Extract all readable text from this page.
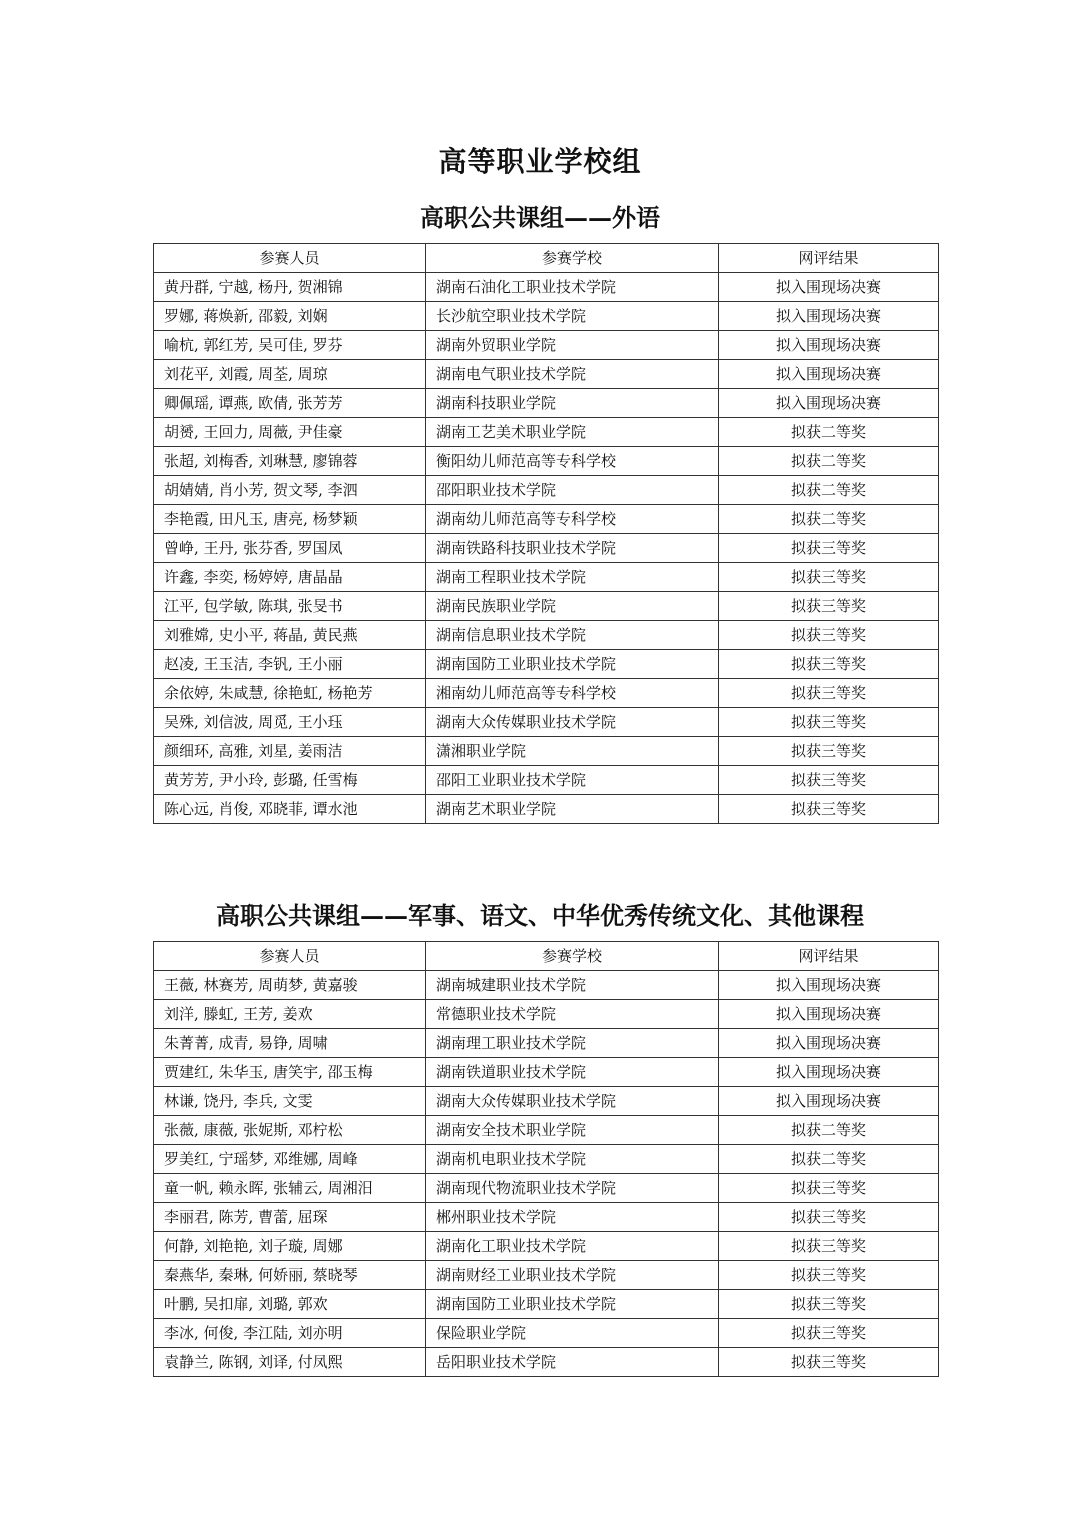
高等职业学校组
高职公共课组——外语
参赛人员	参赛学校	网评结果
黄丹群, 宁越, 杨丹, 贺湘锦	湖南石油化工职业技术学院	拟入围现场决赛
罗娜, 蒋焕新, 邵毅, 刘娴	长沙航空职业技术学院	拟入围现场决赛
喻杭, 郭红芳, 吴可佳, 罗芬	湖南外贸职业学院	拟入围现场决赛
刘花平, 刘霞, 周荃, 周琼	湖南电气职业技术学院	拟入围现场决赛
卿佩瑶, 谭燕, 欧倩, 张芳芳	湖南科技职业学院	拟入围现场决赛
胡赟, 王回力, 周薇, 尹佳豪	湖南工艺美术职业学院	拟获二等奖
张超, 刘梅香, 刘琳慧, 廖锦蓉	衡阳幼儿师范高等专科学校	拟获二等奖
胡婧婧, 肖小芳, 贺文琴, 李泗	邵阳职业技术学院	拟获二等奖
李艳霞, 田凡玉, 唐亮, 杨梦颖	湖南幼儿师范高等专科学校	拟获二等奖
曾峥, 王丹, 张芬香, 罗国凤	湖南铁路科技职业技术学院	拟获三等奖
许鑫, 李奕, 杨婷婷, 唐晶晶	湖南工程职业技术学院	拟获三等奖
江平, 包学敏, 陈琪, 张旻书	湖南民族职业学院	拟获三等奖
刘雅嫦, 史小平, 蒋晶, 黄民燕	湖南信息职业技术学院	拟获三等奖
赵凌, 王玉洁, 李钒, 王小丽	湖南国防工业职业技术学院	拟获三等奖
余依婷, 朱咸慧, 徐艳虹, 杨艳芳	湘南幼儿师范高等专科学校	拟获三等奖
吴殊, 刘信波, 周觅, 王小珏	湖南大众传媒职业技术学院	拟获三等奖
颜细环, 高雅, 刘星, 姜雨洁	潇湘职业学院	拟获三等奖
黄芳芳, 尹小玲, 彭璐, 任雪梅	邵阳工业职业技术学院	拟获三等奖
陈心远, 肖俊, 邓晓菲, 谭水池	湖南艺术职业学院	拟获三等奖
高职公共课组——军事、语文、中华优秀传统文化、其他课程
参赛人员	参赛学校	网评结果
王薇, 林赛芳, 周萌梦, 黄嘉骏	湖南城建职业技术学院	拟入围现场决赛
刘洋, 滕虹, 王芳, 姜欢	常德职业技术学院	拟入围现场决赛
朱菁菁, 成青, 易铮, 周啸	湖南理工职业技术学院	拟入围现场决赛
贾建红, 朱华玉, 唐笑宇, 邵玉梅	湖南铁道职业技术学院	拟入围现场决赛
林谦, 饶丹, 李兵, 文雯	湖南大众传媒职业技术学院	拟入围现场决赛
张薇, 康薇, 张妮斯, 邓柠松	湖南安全技术职业学院	拟获二等奖
罗美红, 宁瑶梦, 邓维娜, 周峰	湖南机电职业技术学院	拟获二等奖
童一帆, 赖永晖, 张辅云, 周湘汨	湖南现代物流职业技术学院	拟获三等奖
李丽君, 陈芳, 曹蕾, 屈琛	郴州职业技术学院	拟获三等奖
何静, 刘艳艳, 刘子璇, 周娜	湖南化工职业技术学院	拟获三等奖
秦燕华, 秦琳, 何娇丽, 蔡晓琴	湖南财经工业职业技术学院	拟获三等奖
叶鹏, 吴扣扉, 刘璐, 郭欢	湖南国防工业职业技术学院	拟获三等奖
李冰, 何俊, 李江陆, 刘亦明	保险职业学院	拟获三等奖
袁静兰, 陈钢, 刘译, 付凤熙	岳阳职业技术学院	拟获三等奖
